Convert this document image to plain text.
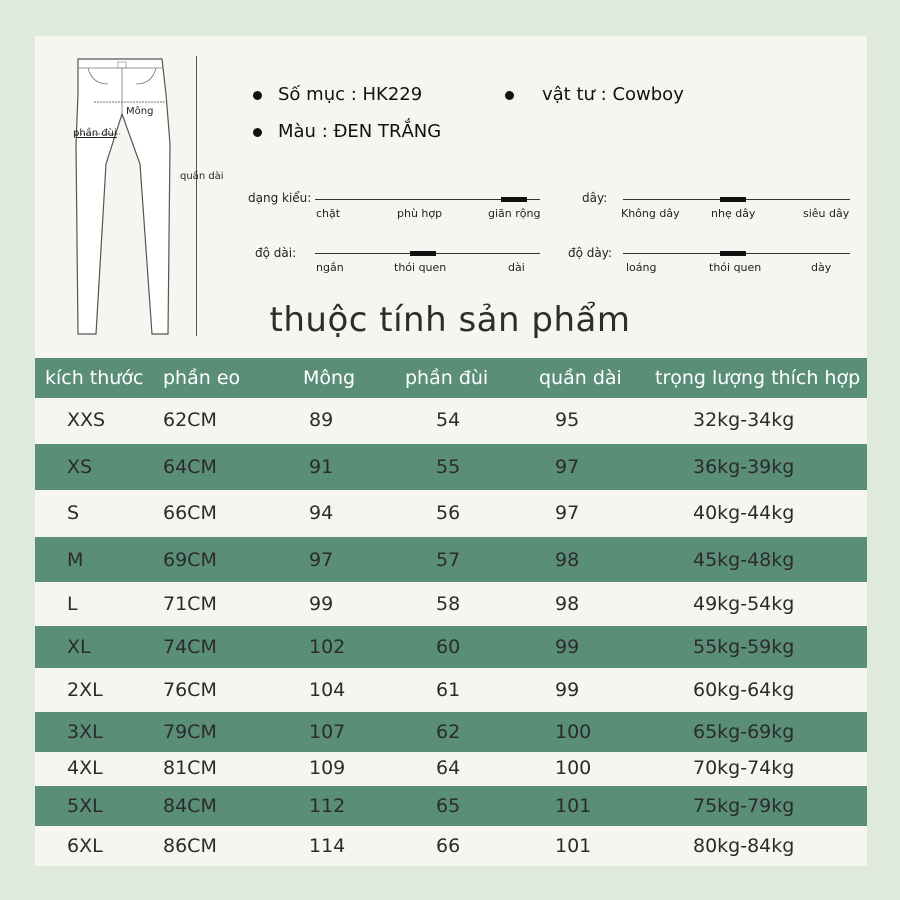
Mông
phần đùi
quần dài
Số mục : HK229	vật tư : Cowboy
Màu : ĐEN TRẮNG
dạng kiểu:
chặt	phù hợp	giãn rộng
dây:
Không dây	nhẹ dây	siêu dây
độ dài:
ngắn	thói quen	dài
độ dày:
loáng	thói quen	dày
thuộc tính sản phẩm
kích thước	phần eo	Mông	phần đùi	quần dài	trọng lượng thích hợp
XXS	62CM	89	54	95	32kg-34kg
XS	64CM	91	55	97	36kg-39kg
S	66CM	94	56	97	40kg-44kg
M	69CM	97	57	98	45kg-48kg
L	71CM	99	58	98	49kg-54kg
XL	74CM	102	60	99	55kg-59kg
2XL	76CM	104	61	99	60kg-64kg
3XL	79CM	107	62	100	65kg-69kg
4XL	81CM	109	64	100	70kg-74kg
5XL	84CM	112	65	101	75kg-79kg
6XL	86CM	114	66	101	80kg-84kg
